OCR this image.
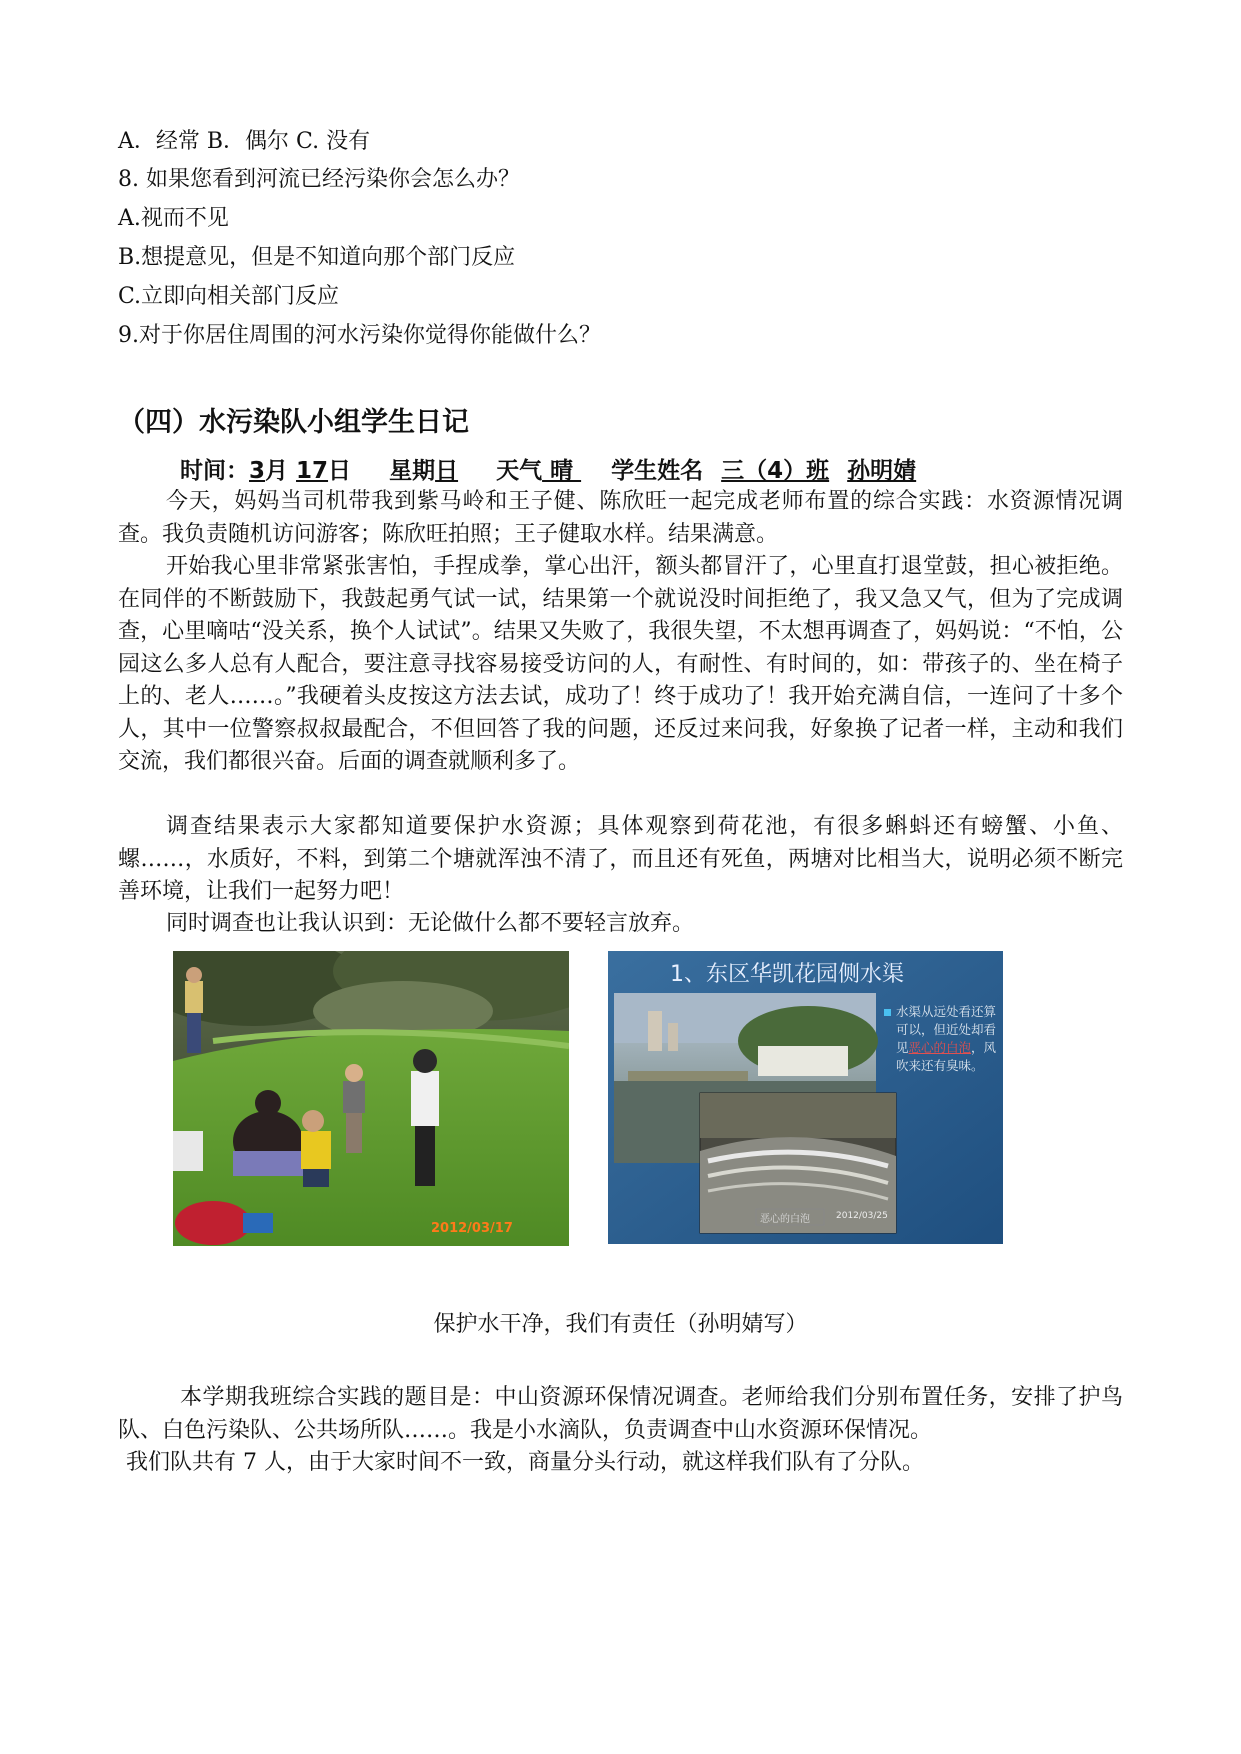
A．经常 B．偶尔 C. 没有
8. 如果您看到河流已经污染你会怎么办？
A.视而不见
B.想提意见，但是不知道向那个部门反应
C.立即向相关部门反应
9.对于你居住周围的河水污染你觉得你能做什么？
（四）水污染队小组学生日记
时间：3月 17日 星期日 天气 晴  学生姓名 三（4）班 孙明婧

今天，妈妈当司机带我到紫马岭和王子健、陈欣旺一起完成老师布置的综合实践：水资源情况调查。我负责随机访问游客；陈欣旺拍照；王子健取水样。结果满意。

开始我心里非常紧张害怕，手捏成拳，掌心出汗，额头都冒汗了，心里直打退堂鼓，担心被拒绝。在同伴的不断鼓励下，我鼓起勇气试一试，结果第一个就说没时间拒绝了，我又急又气，但为了完成调查，心里嘀咕“没关系，换个人试试”。结果又失败了，我很失望，不太想再调查了，妈妈说：“不怕，公园这么多人总有人配合，要注意寻找容易接受访问的人，有耐性、有时间的，如：带孩子的、坐在椅子上的、老人……。”我硬着头皮按这方法去试，成功了！终于成功了！我开始充满自信，一连问了十多个人，其中一位警察叔叔最配合，不但回答了我的问题，还反过来问我，好象换了记者一样，主动和我们交流，我们都很兴奋。后面的调查就顺利多了。

调查结果表示大家都知道要保护水资源；具体观察到荷花池，有很多蝌蚪还有螃蟹、小鱼、螺……，水质好，不料，到第二个塘就浑浊不清了，而且还有死鱼，两塘对比相当大，说明必须不断完善环境，让我们一起努力吧！

同时调查也让我认识到：无论做什么都不要轻言放弃。

2012/03/17
1、东区华凯花园侧水渠
水渠从远处看还算可以，但近处却看见恶心的白泡，风吹来还有臭味。
恶心的白泡	2012/03/25
保护水干净，我们有责任（孙明婧写）

本学期我班综合实践的题目是：中山资源环保情况调查。老师给我们分别布置任务，安排了护鸟队、白色污染队、公共场所队……。我是小水滴队，负责调查中山水资源环保情况。

我们队共有 7 人，由于大家时间不一致，商量分头行动，就这样我们队有了分队。
